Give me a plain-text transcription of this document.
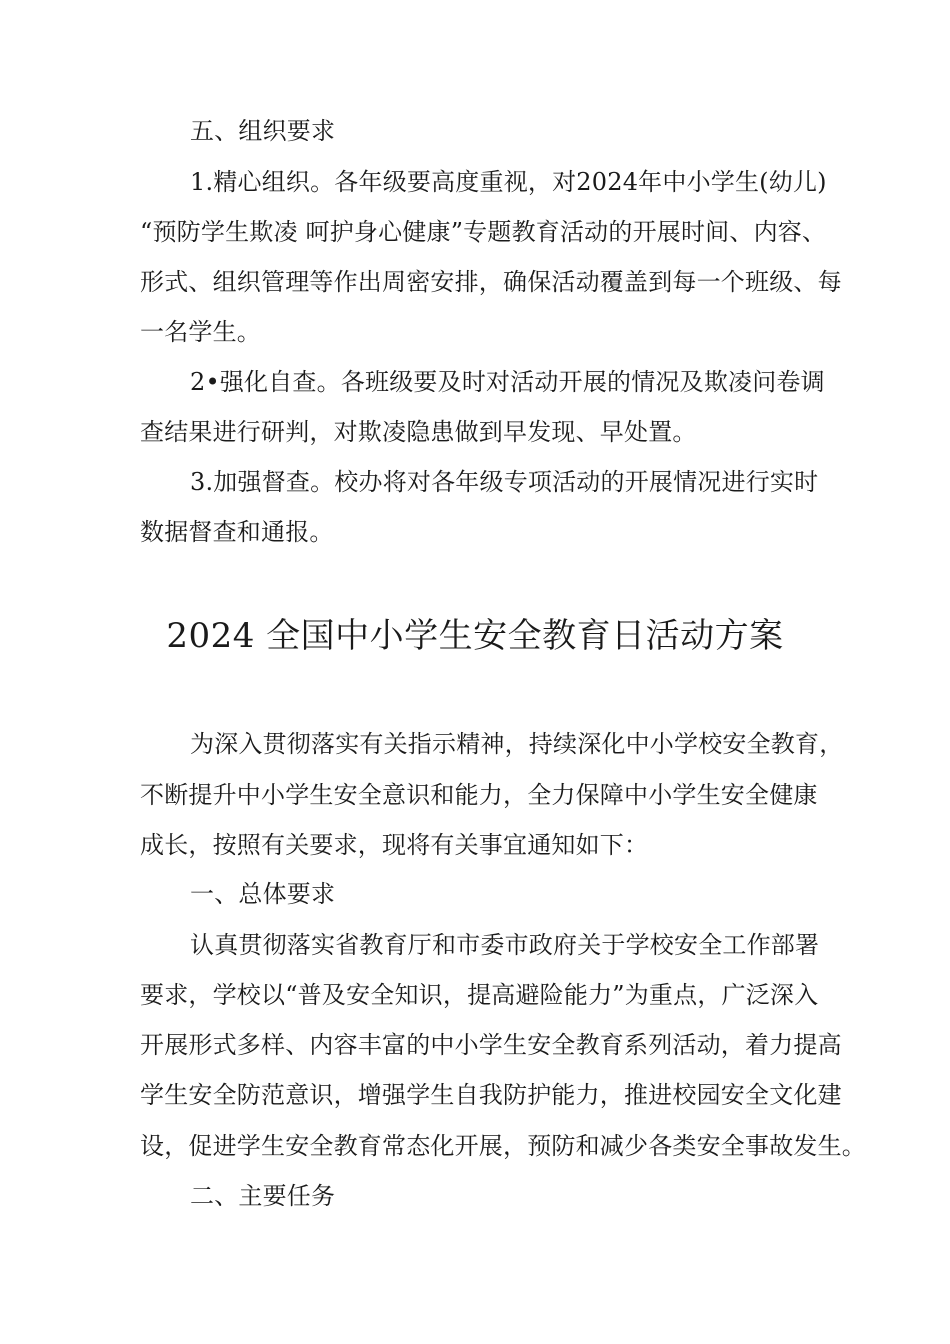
五、组织要求
1.精心组织。各年级要高度重视，对2024年中小学生(幼儿)
“预防学生欺凌 呵护身心健康”专题教育活动的开展时间、内容、
形式、组织管理等作出周密安排，确保活动覆盖到每一个班级、每
一名学生。
2•强化自查。各班级要及时对活动开展的情况及欺凌问卷调
查结果进行研判，对欺凌隐患做到早发现、早处置。
3.加强督查。校办将对各年级专项活动的开展情况进行实时
数据督查和通报。
2024 全国中小学生安全教育日活动方案
为深入贯彻落实有关指示精神，持续深化中小学校安全教育，
不断提升中小学生安全意识和能力，全力保障中小学生安全健康
成长，按照有关要求，现将有关事宜通知如下：
一、总体要求
认真贯彻落实省教育厅和市委市政府关于学校安全工作部署
要求，学校以“普及安全知识，提高避险能力”为重点，广泛深入
开展形式多样、内容丰富的中小学生安全教育系列活动，着力提高
学生安全防范意识，增强学生自我防护能力，推进校园安全文化建
设，促进学生安全教育常态化开展，预防和减少各类安全事故发生。
二、主要任务
